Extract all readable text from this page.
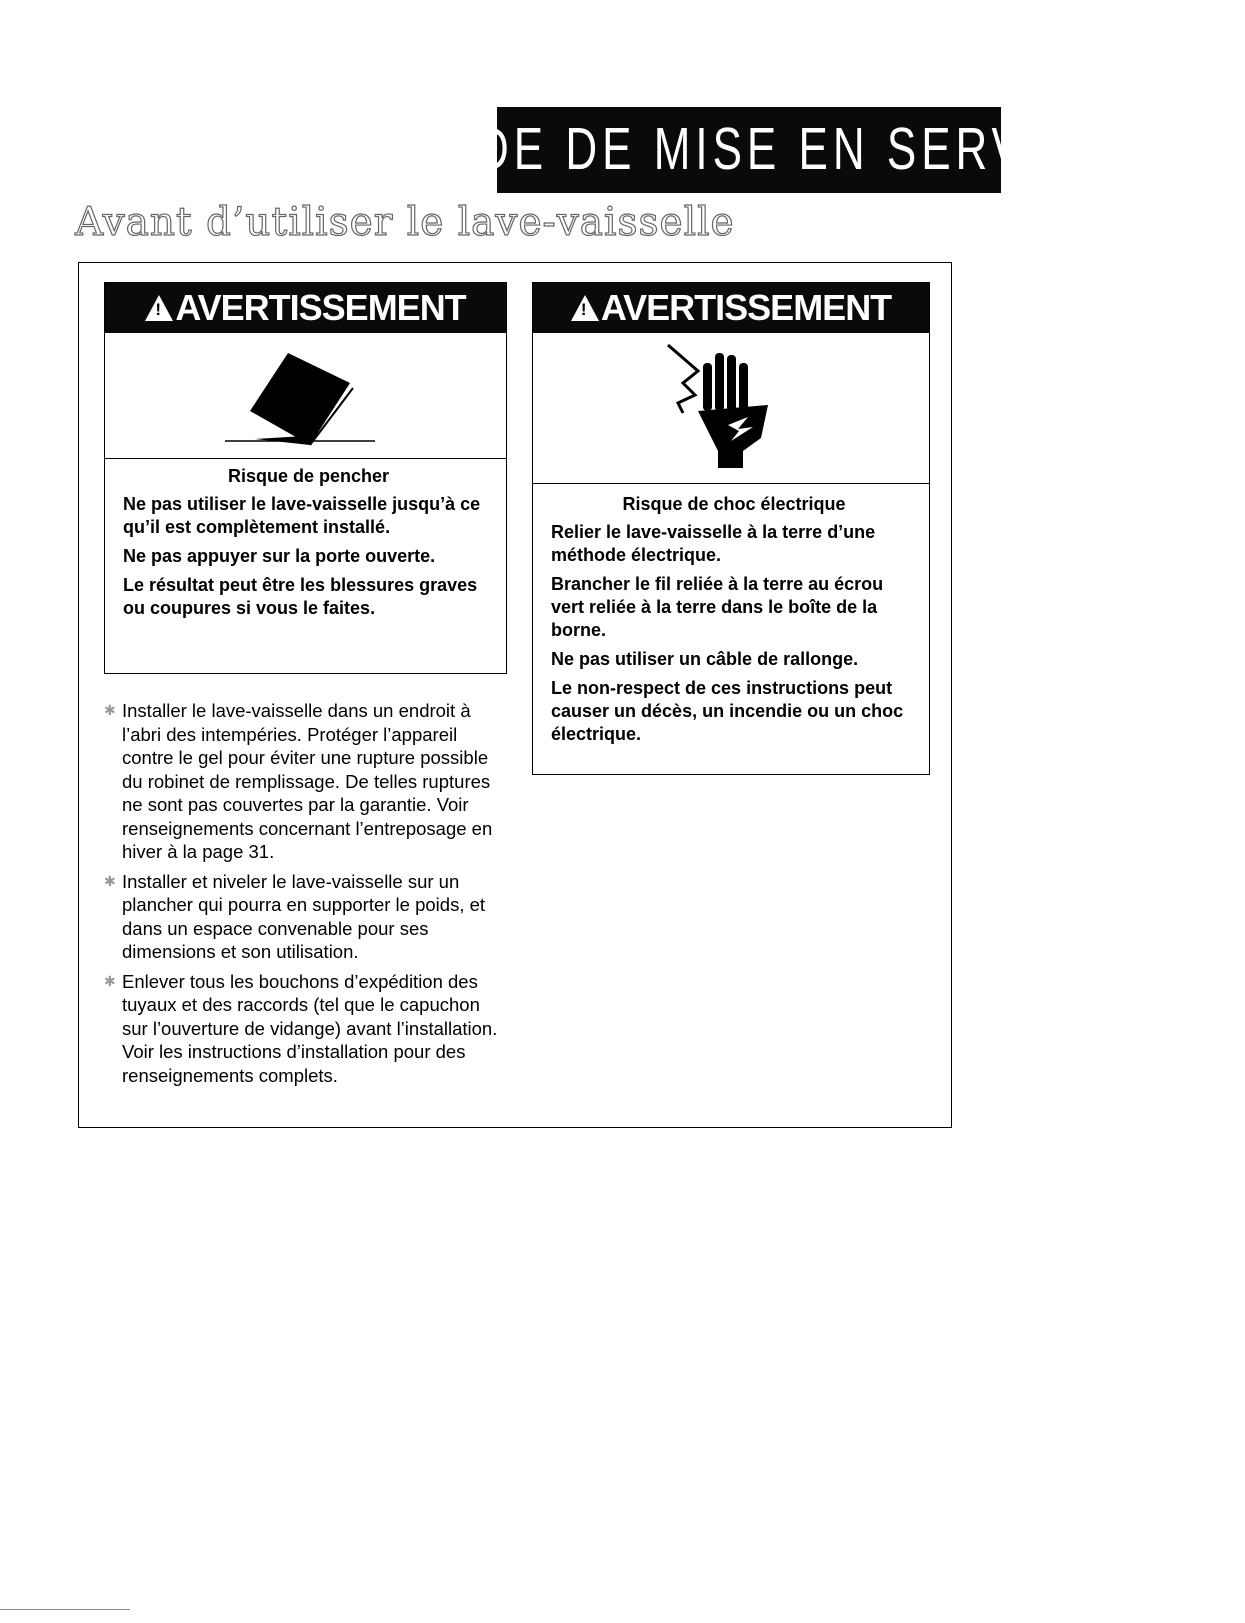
GUIDE DE MISE EN SERVICE
Avant d’utiliser le lave-vaisselle
!
AVERTISSEMENT
Risque de pencher

Ne pas utiliser le lave-vaisselle jusqu’à ce qu’il est complètement installé.

Ne pas appuyer sur la porte ouverte.

Le résultat peut être les blessures graves ou coupures si vous le faites.

!
AVERTISSEMENT
Risque de choc électrique

Relier le lave-vaisselle à la terre d’une méthode électrique.

Brancher le fil reliée à la terre au écrou vert reliée à la terre dans le boîte de la borne.

Ne pas utiliser un câble de rallonge.

Le non-respect de ces instructions peut causer un décès, un incendie ou un choc électrique.

✱ Installer le lave-vaisselle dans un endroit à l’abri des intempéries. Protéger l’appareil contre le gel pour éviter une rupture possible du robinet de remplissage. De telles ruptures ne sont pas couvertes par la garantie. Voir renseignements concernant l’entreposage en hiver à la page 31.
✱ Installer et niveler le lave-vaisselle sur un plancher qui pourra en supporter le poids, et dans un espace convenable pour ses dimensions et son utilisation.
✱ Enlever tous les bouchons d’expédition des tuyaux et des raccords (tel que le capuchon sur l’ouverture de vidange) avant l’installation. Voir les instructions d’installation pour des renseignements complets.
